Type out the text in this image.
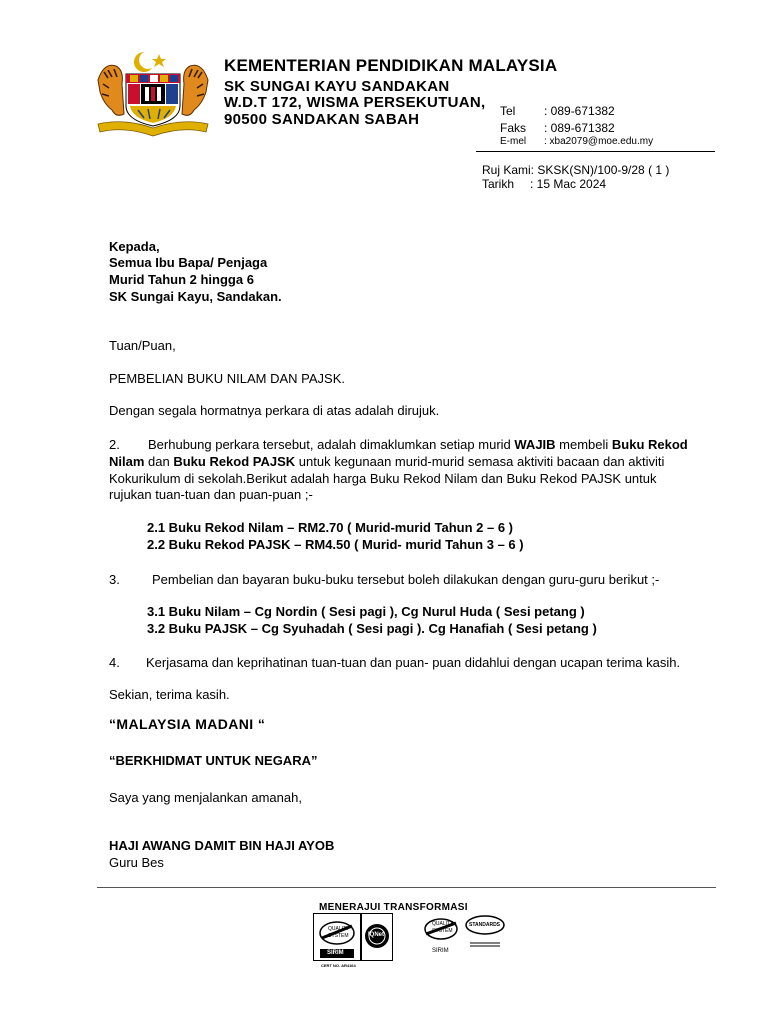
KEMENTERIAN PENDIDIKAN MALAYSIA
SK SUNGAI KAYU SANDAKAN
W.D.T 172, WISMA PERSEKUTUAN,
90500 SANDAKAN SABAH	Tel : 089-671382
Faks : 089-671382
E-mel : xba2079@moe.edu.my
Ruj Kami: SKSK(SN)/100-9/28 ( 1 )
Tarikh : 15 Mac 2024
Kepada,
Semua Ibu Bapa/ Penjaga
Murid Tahun 2 hingga 6
SK Sungai Kayu, Sandakan.
Tuan/Puan,
PEMBELIAN BUKU NILAM DAN PAJSK.
Dengan segala hormatnya perkara di atas adalah dirujuk.
2. Berhubung perkara tersebut, adalah dimaklumkan setiap murid WAJIB membeli Buku Rekod
Nilam dan Buku Rekod PAJSK untuk kegunaan murid-murid semasa aktiviti bacaan dan aktiviti
Kokurikulum di sekolah.Berikut adalah harga Buku Rekod Nilam dan Buku Rekod PAJSK untuk
rujukan tuan-tuan dan puan-puan ;-
2.1 Buku Rekod Nilam – RM2.70 ( Murid-murid Tahun 2 – 6 )
2.2 Buku Rekod PAJSK – RM4.50 ( Murid- murid Tahun 3 – 6 )
3. Pembelian dan bayaran buku-buku tersebut boleh dilakukan dengan guru-guru berikut ;-
3.1 Buku Nilam – Cg Nordin ( Sesi pagi ), Cg Nurul Huda ( Sesi petang )
3.2 Buku PAJSK – Cg Syuhadah ( Sesi pagi ). Cg Hanafiah ( Sesi petang )
4. Kerjasama dan keprihatinan tuan-tuan dan puan- puan didahlui dengan ucapan terima kasih.
Sekian, terima kasih.
“MALAYSIA MADANI “
“BERKHIDMAT UNTUK NEGARA”
Saya yang menjalankan amanah,
HAJI AWANG DAMIT BIN HAJI AYOB
Guru Bes
MENERAJUI TRANSFORMASI
QUALITY
SYSTEM
SIRIM
IQNet
QUALITY
SYSTEM
SIRIM
STANDARDS
CERT NO. AR4164
